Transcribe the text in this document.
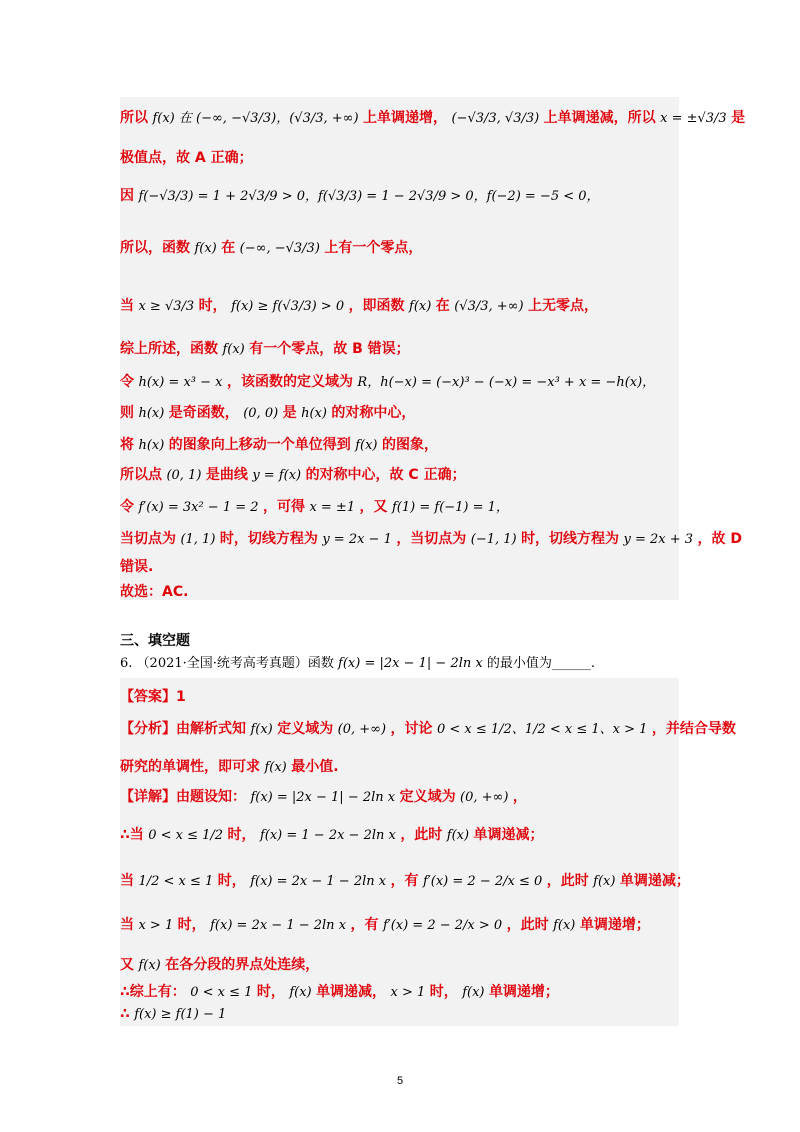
所以 f(x) 在 (−∞, −√3/3)，(√3/3, +∞) 上单调递增， (−√3/3, √3/3) 上单调递减，所以 x = ±√3/3 是
极值点，故 A 正确；
因 f(−√3/3) = 1 + 2√3/9 > 0，f(√3/3) = 1 − 2√3/9 > 0，f(−2) = −5 < 0，
所以，函数 f(x) 在 (−∞, −√3/3) 上有一个零点，
当 x ≥ √3/3 时， f(x) ≥ f(√3/3) > 0 ，即函数 f(x) 在 (√3/3, +∞) 上无零点，
综上所述，函数 f(x) 有一个零点，故 B 错误；
令 h(x) = x³ − x ，该函数的定义域为 R，h(−x) = (−x)³ − (−x) = −x³ + x = −h(x)，
则 h(x) 是奇函数， (0, 0) 是 h(x) 的对称中心，
将 h(x) 的图象向上移动一个单位得到 f(x) 的图象，
所以点 (0, 1) 是曲线 y = f(x) 的对称中心，故 C 正确；
令 f′(x) = 3x² − 1 = 2 ，可得 x = ±1 ，又 f(1) = f(−1) = 1，
当切点为 (1, 1) 时，切线方程为 y = 2x − 1 ，当切点为 (−1, 1) 时，切线方程为 y = 2x + 3 ，故 D
错误.
故选：AC.
三、填空题
6. （2021·全国·统考高考真题）函数 f(x) = |2x − 1| − 2ln x 的最小值为______.
【答案】1
【分析】由解析式知 f(x) 定义域为 (0, +∞) ，讨论 0 < x ≤ 1/2、1/2 < x ≤ 1、x > 1 ，并结合导数
研究的单调性，即可求 f(x) 最小值.
【详解】由题设知： f(x) = |2x − 1| − 2ln x 定义域为 (0, +∞) ，
∴当 0 < x ≤ 1/2 时， f(x) = 1 − 2x − 2ln x ，此时 f(x) 单调递减；
当 1/2 < x ≤ 1 时， f(x) = 2x − 1 − 2ln x ，有 f′(x) = 2 − 2/x ≤ 0 ，此时 f(x) 单调递减；
当 x > 1 时， f(x) = 2x − 1 − 2ln x ，有 f′(x) = 2 − 2/x > 0 ，此时 f(x) 单调递增；
又 f(x) 在各分段的界点处连续，
∴综上有： 0 < x ≤ 1 时， f(x) 单调递减， x > 1 时， f(x) 单调递增；
∴ f(x) ≥ f(1) − 1
5
